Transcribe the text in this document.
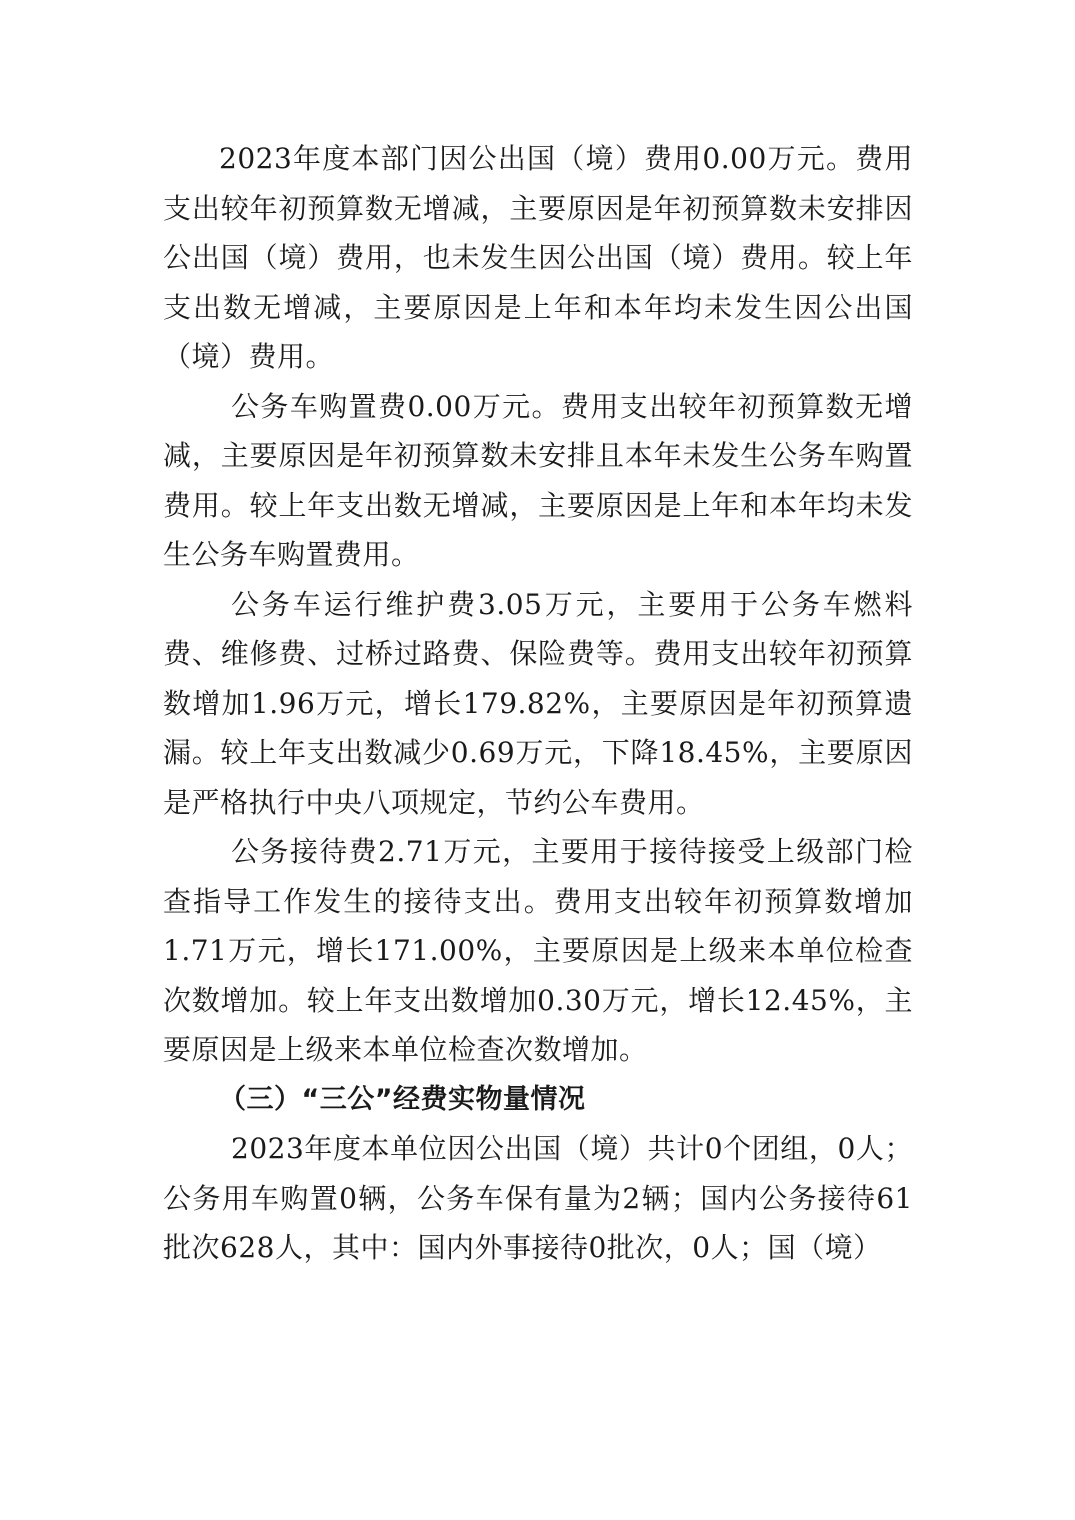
2023年度本部门因公出国（境）费用0.00万元。费用支出较年初预算数无增减，主要原因是年初预算数未安排因公出国（境）费用，也未发生因公出国（境）费用。较上年支出数无增减，主要原因是上年和本年均未发生因公出国（境）费用。

公务车购置费0.00万元。费用支出较年初预算数无增减，主要原因是年初预算数未安排且本年未发生公务车购置费用。较上年支出数无增减，主要原因是上年和本年均未发生公务车购置费用。

公务车运行维护费3.05万元，主要用于公务车燃料费、维修费、过桥过路费、保险费等。费用支出较年初预算数增加1.96万元，增长179.82%，主要原因是年初预算遗漏。较上年支出数减少0.69万元，下降18.45%，主要原因是严格执行中央八项规定，节约公车费用。

公务接待费2.71万元，主要用于接待接受上级部门检查指导工作发生的接待支出。费用支出较年初预算数增加1.71万元，增长171.00%，主要原因是上级来本单位检查次数增加。较上年支出数增加0.30万元，增长12.45%，主要原因是上级来本单位检查次数增加。

（三）“三公”经费实物量情况

2023年度本单位因公出国（境）共计0个团组，0人；公务用车购置0辆，公务车保有量为2辆；国内公务接待61批次628人，其中：国内外事接待0批次，0人；国（境）
